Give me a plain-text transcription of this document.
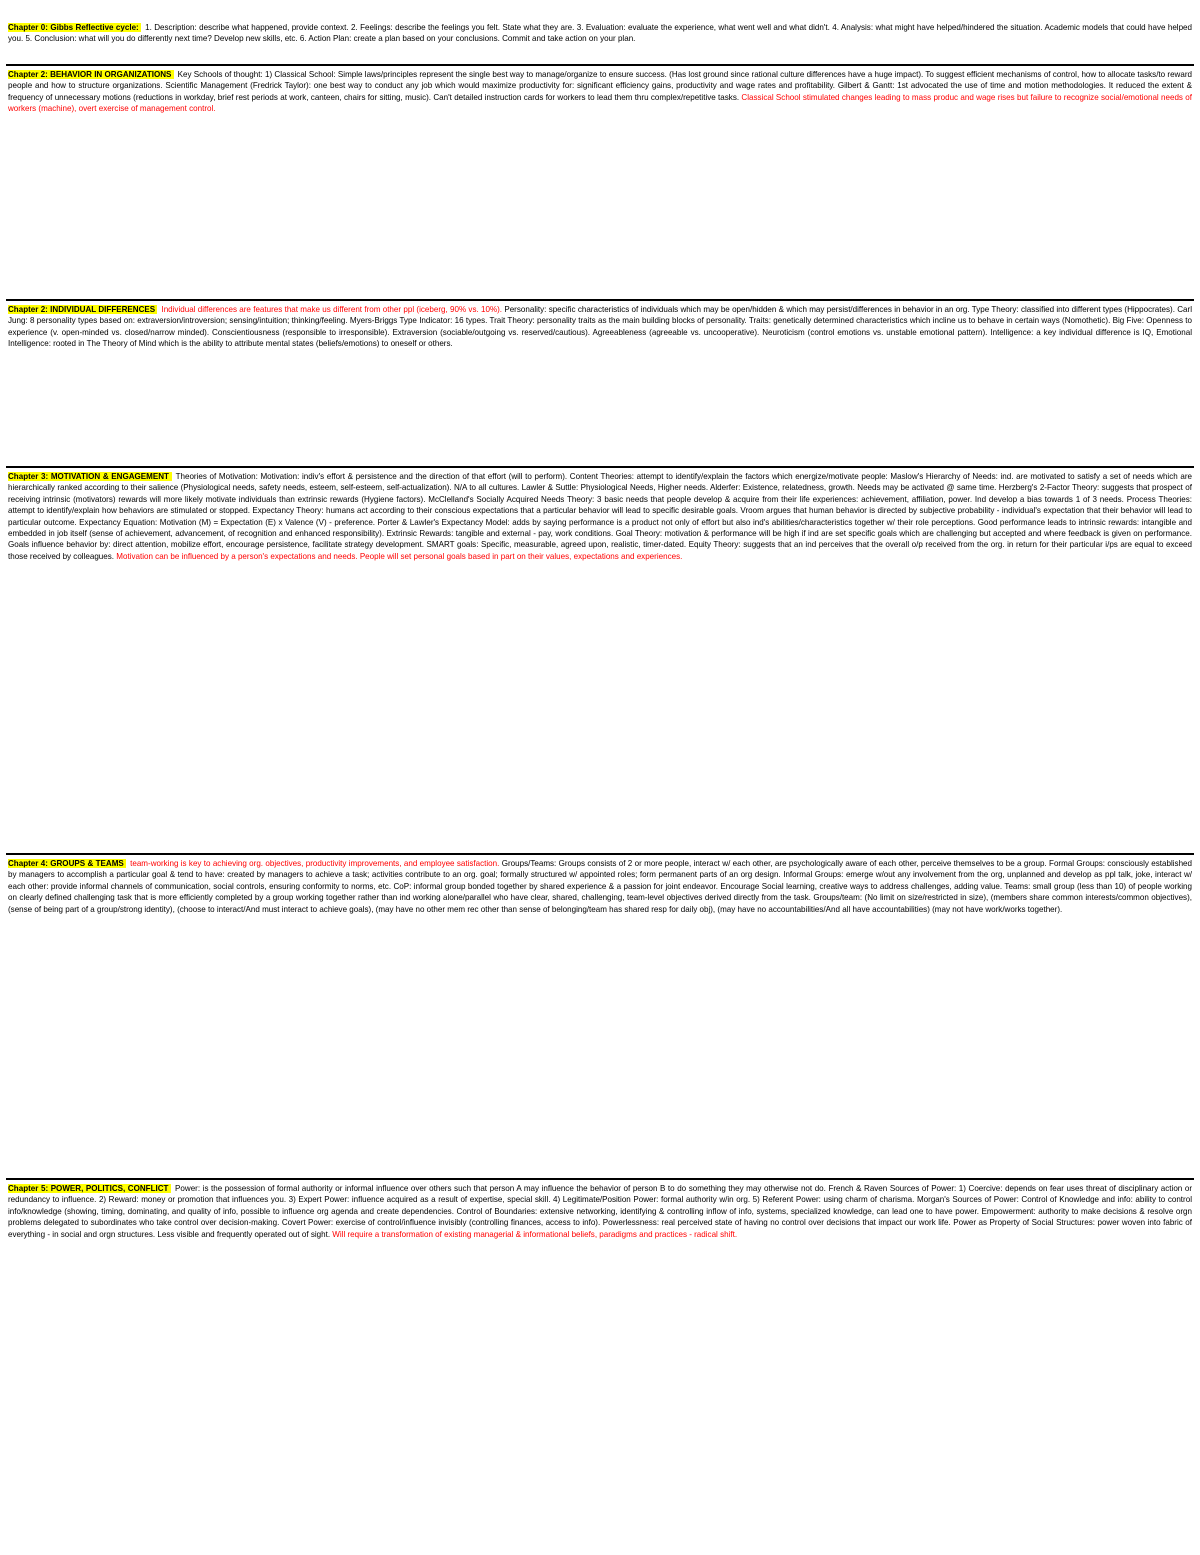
Chapter 0: Gibbs Reflective cycle: 1. Description: describe what happened, provide context. 2. Feelings: describe the feelings you felt. State what they are. 3. Evaluation: evaluate the experience, what went well and what didn't. 4. Analysis: what might have helped/hindered the situation. Academic models that could have helped you. 5. Conclusion: what will you do differently next time? Develop new skills, etc. 6. Action Plan: create a plan based on your conclusions. Commit and take action on your plan.
Chapter 2: BEHAVIOR IN ORGANIZATIONS Key Schools of thought: 1) Classical School: Simple laws/principles represent the single best way to manage/organize to ensure success. (Has lost ground since rational culture differences have a huge impact). To suggest efficient mechanisms of control, how to allocate tasks/to reward people and how to structure organizations. Scientific Management (Fredrick Taylor): one best way to conduct any job which would maximize productivity for: significant efficiency gains, productivity and wage rates and profitability. Gilbert & Gantt: 1st advocated the use of time and motion methodologies. It reduced the extent & frequency of unnecessary motions (reductions in workday, brief rest periods at work, canteen, chairs for sitting, music). Can't detailed instruction cards for workers to lead them thru complex/repetitive tasks. Classical School stimulated changes leading to mass produc and wage rises but failure to recognize social/emotional needs of workers (machine), overt exercise of management control.
Chapter 2: INDIVIDUAL DIFFERENCES Individual differences are features that make us different from other ppl (iceberg, 90% vs. 10%). Personality: specific characteristics of individuals which may be open/hidden & which may persist/differences in behavior in an org. Type Theory: classified into different types (Hippocrates). Carl Jung: 8 personality types based on: extraversion/introversion; sensing/intuition; thinking/feeling. Myers-Briggs Type Indicator: 16 types. Trait Theory: personality traits as the main building blocks of personality. Traits: genetically determined characteristics which incline us to behave in certain ways (Nomothetic). Big Five: Openness to experience (v. open-minded vs. closed/narrow minded). Conscientiousness (responsible to irresponsible). Extraversion (sociable/outgoing vs. reserved/cautious). Agreeableness (agreeable vs. uncooperative). Neuroticism (control emotions vs. unstable emotional pattern). Intelligence: a key individual difference is IQ, Emotional Intelligence: rooted in The Theory of Mind which is the ability to attribute mental states (beliefs/emotions) to oneself or others.
Chapter 3: MOTIVATION & ENGAGEMENT Theories of Motivation: Motivation: indiv's effort & persistence and the direction of that effort (will to perform). Content Theories: attempt to identify/explain the factors which energize/motivate people: Maslow's Hierarchy of Needs: ind. are motivated to satisfy a set of needs which are hierarchically ranked according to their salience (Physiological needs, safety needs, esteem, self-esteem, self-actualization). N/A to all cultures. Lawler & Suttle: Physiological Needs, Higher needs. Alderfer: Existence, relatedness, growth. Needs may be activated @ same time. Herzberg's 2-Factor Theory: suggests that prospect of receiving intrinsic (motivators) rewards will more likely motivate individuals than extrinsic rewards (Hygiene factors). McClelland's Socially Acquired Needs Theory: 3 basic needs that people develop & acquire from their life experiences: achievement, affiliation, power. Ind develop a bias towards 1 of 3 needs. Process Theories: attempt to identify/explain how behaviors are stimulated or stopped. Expectancy Theory: humans act according to their conscious expectations that a particular behavior will lead to specific desirable goals. Vroom argues that human behavior is directed by subjective probability - individual's expectation that their behavior will lead to particular outcome. Expectancy Equation: Motivation (M) = Expectation (E) x Valence (V) - preference. Porter & Lawler's Expectancy Model: adds by saying performance is a product not only of effort but also ind's abilities/characteristics together w/ their role perceptions. Good performance leads to intrinsic rewards: intangible and embedded in job itself (sense of achievement, advancement, of recognition and enhanced responsibility). Extrinsic Rewards: tangible and external - pay, work conditions. Goal Theory: motivation & performance will be high if ind are set specific goals which are challenging but accepted and where feedback is given on performance. Goals influence behavior by: direct attention, mobilize effort, encourage persistence, facilitate strategy development. SMART goals: Specific, measurable, agreed upon, realistic, timer-dated. Equity Theory: suggests that an ind perceives that the overall o/p received from the org. in return for their particular i/ps are equal to exceed those received by colleagues. Motivation can be influenced by a person's expectations and needs. People will set personal goals based in part on their values, expectations and experiences.
Chapter 4: GROUPS & TEAMS team-working is key to achieving org. objectives, productivity improvements, and employee satisfaction. Groups/Teams: Groups consists of 2 or more people, interact w/ each other, are psychologically aware of each other, perceive themselves to be a group. Formal Groups: consciously established by managers to accomplish a particular goal & tend to have: created by managers to achieve a task; activities contribute to an org. goal; formally structured w/ appointed roles; form permanent parts of an org design. Informal Groups: emerge w/out any involvement from the org, unplanned and develop as ppl talk, joke, interact w/ each other: provide informal channels of communication, social controls, ensuring conformity to norms, etc. CoP: informal group bonded together by shared experience & a passion for joint endeavor. Encourage Social learning, creative ways to address challenges, adding value. Teams: small group (less than 10) of people working on clearly defined challenging task that is more efficiently completed by a group working together rather than ind working alone/parallel who have clear, shared, challenging, team-level objectives derived directly from the task. Groups/team: (No limit on size/restricted in size), (members share common interests/common objectives), (sense of being part of a group/strong identity), (choose to interact/And must interact to achieve goals), (may have no other mem rec other than sense of belonging/team has shared resp for daily obj), (may have no accountabilities/And all have accountabilities) (may not have work/works together).
Chapter 5: POWER, POLITICS, CONFLICT Power: is the possession of formal authority or informal influence over others such that person A may influence the behavior of person B to do something they may otherwise not do. French & Raven Sources of Power: 1) Coercive: depends on fear uses threat of disciplinary action or redundancy to influence. 2) Reward: money or promotion that influences you. 3) Expert Power: influence acquired as a result of expertise, special skill. 4) Legitimate/Position Power: formal authority w/in org. 5) Referent Power: using charm of charisma. Morgan's Sources of Power: Control of Knowledge and info: ability to control info/knowledge (showing, timing, dominating, and quality of info, possible to influence org agenda and create dependencies. Control of Boundaries: extensive networking, identifying & controlling inflow of info, systems, specialized knowledge, can lead one to have power. Empowerment: authority to make decisions & resolve orgn problems delegated to subordinates who take control over decision-making. Covert Power: exercise of control/influence invisibly (controlling finances, access to info). Powerlessness: real perceived state of having no control over decisions that impact our work life. Power as Property of Social Structures: power woven into fabric of everything - in social and orgn structures. Less visible and frequently operated out of sight. Will require a transformation of existing managerial & informational beliefs, paradigms and practices - radical shift.
